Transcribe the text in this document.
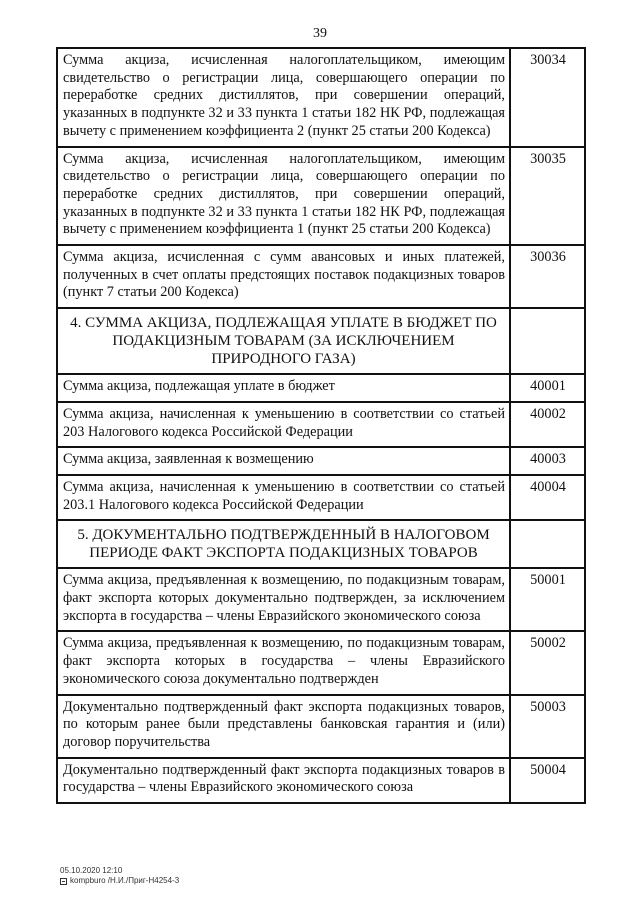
39
Сумма акциза, исчисленная налогоплательщиком, имеющим свидетельство о регистрации лица, совершающего операции по переработке средних дистиллятов, при совершении операций, указанных в подпункте 32 и 33 пункта 1 статьи 182 НК РФ, подлежащая вычету с применением коэффициента 2 (пункт 25 статьи 200 Кодекса)	30034
Сумма акциза, исчисленная налогоплательщиком, имеющим свидетельство о регистрации лица, совершающего операции по переработке средних дистиллятов, при совершении операций, указанных в подпункте 32 и 33 пункта 1 статьи 182 НК РФ, подлежащая вычету с применением коэффициента 1 (пункт 25 статьи 200 Кодекса)	30035
Сумма акциза, исчисленная с сумм авансовых и иных платежей, полученных в счет оплаты предстоящих поставок подакцизных товаров (пункт 7 статьи 200 Кодекса)	30036
4. СУММА АКЦИЗА, ПОДЛЕЖАЩАЯ УПЛАТЕ В БЮДЖЕТ ПО ПОДАКЦИЗНЫМ ТОВАРАМ (ЗА ИСКЛЮЧЕНИЕМ ПРИРОДНОГО ГАЗА)	
Сумма акциза, подлежащая уплате в бюджет	40001
Сумма акциза, начисленная к уменьшению в соответствии со статьей 203 Налогового кодекса Российской Федерации	40002
Сумма акциза, заявленная к возмещению	40003
Сумма акциза, начисленная к уменьшению в соответствии со статьей 203.1 Налогового кодекса Российской Федерации	40004
5. ДОКУМЕНТАЛЬНО ПОДТВЕРЖДЕННЫЙ В НАЛОГОВОМ ПЕРИОДЕ ФАКТ ЭКСПОРТА ПОДАКЦИЗНЫХ ТОВАРОВ	
Сумма акциза, предъявленная к возмещению, по подакцизным товарам, факт экспорта которых документально подтвержден, за исключением экспорта в государства – члены Евразийского экономического союза	50001
Сумма акциза, предъявленная к возмещению, по подакцизным товарам, факт экспорта которых в государства – члены Евразийского экономического союза документально подтвержден	50002
Документально подтвержденный факт экспорта подакцизных товаров, по которым ранее были представлены банковская гарантия и (или) договор поручительства	50003
Документально подтвержденный факт экспорта подакцизных товаров в государства – члены Евразийского экономического союза	50004
05.10.2020 12:10
kompburo /Н.И./Приг-Н4254-3
